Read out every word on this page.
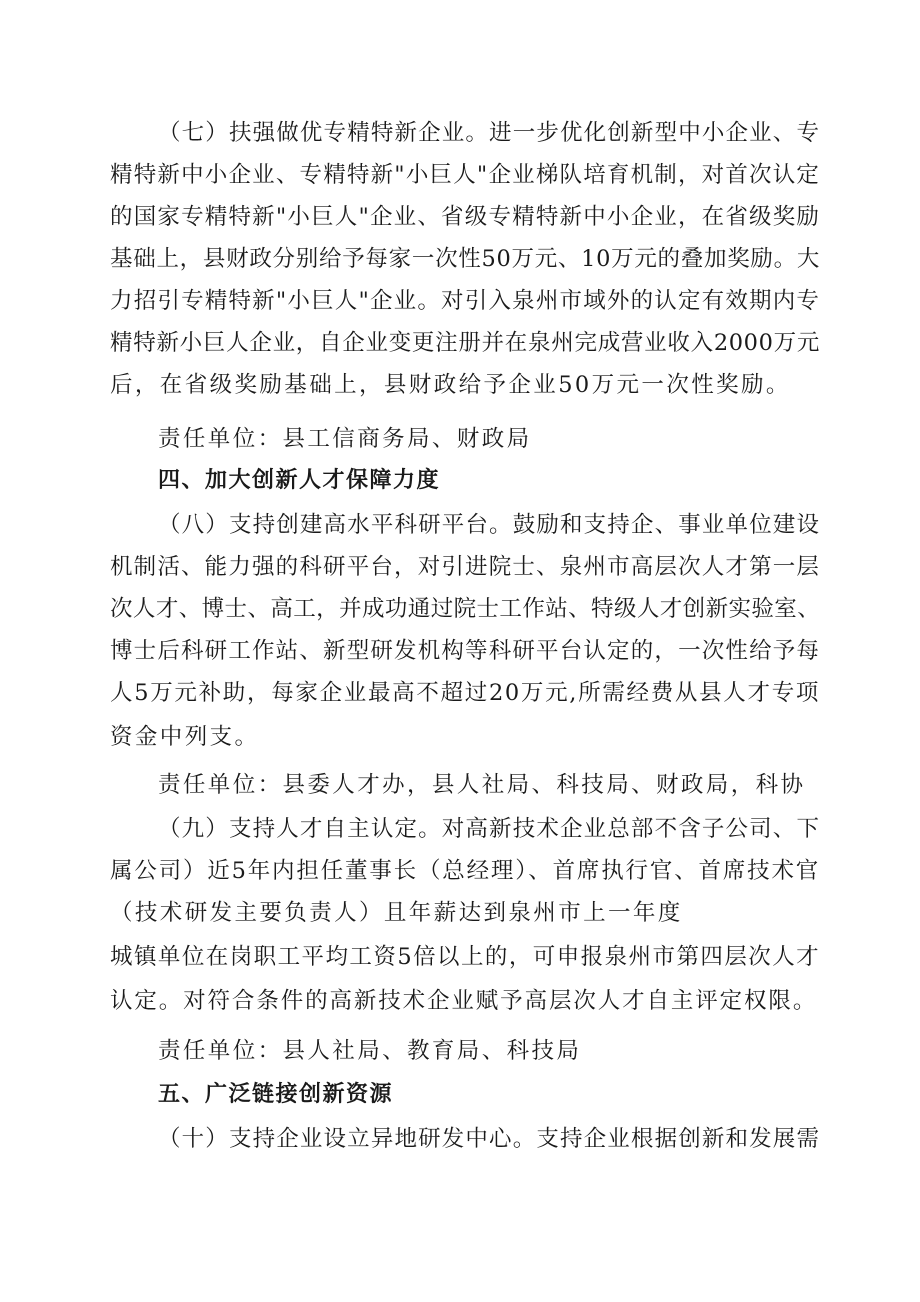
（七）扶强做优专精特新企业。进一步优化创新型中小企业、专
精特新中小企业、专精特新"小巨人"企业梯队培育机制，对首次认定
的国家专精特新"小巨人"企业、省级专精特新中小企业，在省级奖励
基础上，县财政分别给予每家一次性50万元、10万元的叠加奖励。大
力招引专精特新"小巨人"企业。对引入泉州市域外的认定有效期内专
精特新小巨人企业，自企业变更注册并在泉州完成营业收入2000万元
后，在省级奖励基础上，县财政给予企业50万元一次性奖励。
责任单位：县工信商务局、财政局
四、加大创新人才保障力度
（八）支持创建高水平科研平台。鼓励和支持企、事业单位建设
机制活、能力强的科研平台，对引进院士、泉州市高层次人才第一层
次人才、博士、高工，并成功通过院士工作站、特级人才创新实验室、
博士后科研工作站、新型研发机构等科研平台认定的，一次性给予每
人5万元补助，每家企业最高不超过20万元,所需经费从县人才专项
资金中列支。
责任单位：县委人才办，县人社局、科技局、财政局，科协
（九）支持人才自主认定。对高新技术企业总部不含子公司、下
属公司）近5年内担任董事长（总经理）、首席执行官、首席技术官
（技术研发主要负责人）且年薪达到泉州市上一年度
城镇单位在岗职工平均工资5倍以上的，可申报泉州市第四层次人才
认定。对符合条件的高新技术企业赋予高层次人才自主评定权限。
责任单位：县人社局、教育局、科技局
五、广泛链接创新资源
（十）支持企业设立异地研发中心。支持企业根据创新和发展需
